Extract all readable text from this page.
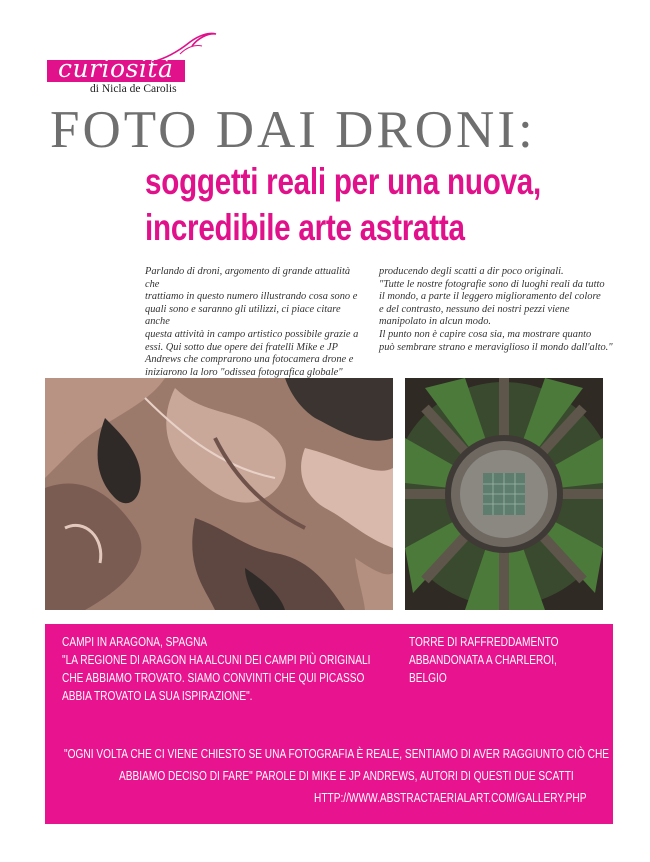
curiosità
di Nicla de Carolis
FOTO DAI DRONI:
soggetti reali per una nuova,
incredibile arte astratta
Parlando di droni, argomento di grande attualità che
trattiamo in questo numero illustrando cosa sono e
quali sono e saranno gli utilizzi, ci piace citare anche
questa attività in campo artistico possibile grazie a
essi. Qui sotto due opere dei fratelli Mike e JP
Andrews che comprarono una fotocamera drone e
iniziarono la loro "odissea fotografica globale"
producendo degli scatti a dir poco originali.
"Tutte le nostre fotografie sono di luoghi reali da tutto
il mondo, a parte il leggero miglioramento del colore
e del contrasto, nessuno dei nostri pezzi viene
manipolato in alcun modo.
Il punto non è capire cosa sia, ma mostrare quanto
può sembrare strano e meraviglioso il mondo dall'alto."
CAMPI IN ARAGONA, SPAGNA
"LA REGIONE DI ARAGON HA ALCUNI DEI CAMPI PIÙ ORIGINALI
CHE ABBIAMO TROVATO. SIAMO CONVINTI CHE QUI PICASSO
ABBIA TROVATO LA SUA ISPIRAZIONE".
TORRE DI RAFFREDDAMENTO
ABBANDONATA A CHARLEROI,
BELGIO
"OGNI VOLTA CHE CI VIENE CHIESTO SE UNA FOTOGRAFIA È REALE, SENTIAMO DI AVER RAGGIUNTO CIÒ CHE
ABBIAMO DECISO DI FARE" PAROLE DI MIKE E JP ANDREWS, AUTORI DI QUESTI DUE SCATTI
HTTP://WWW.ABSTRACTAERIALART.COM/GALLERY.PHP
